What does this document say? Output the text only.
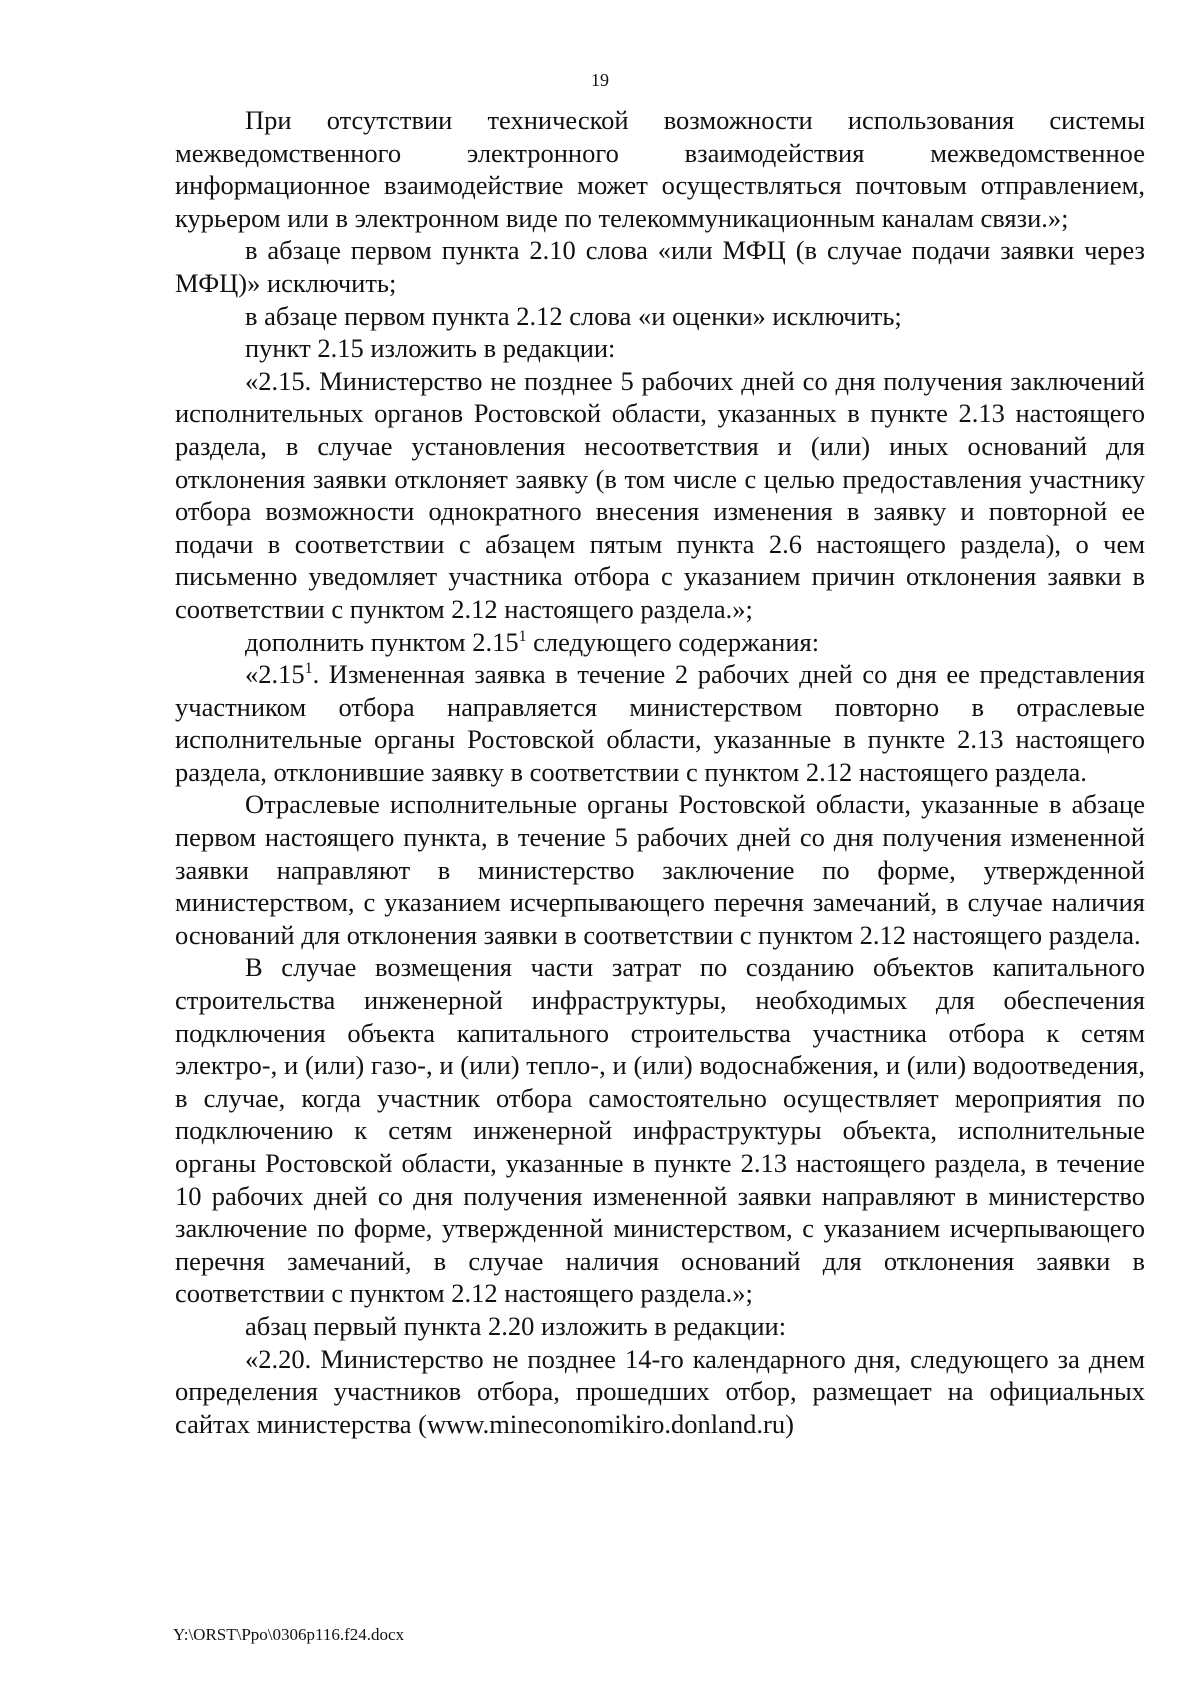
19

При отсутствии технической возможности использования системы межведомственного электронного взаимодействия межведомственное информационное взаимодействие может осуществляться почтовым отправлением, курьером или в электронном виде по телекоммуникационным каналам связи.»;

в абзаце первом пункта 2.10 слова «или МФЦ (в случае подачи заявки через МФЦ)» исключить;

в абзаце первом пункта 2.12 слова «и оценки» исключить;

пункт 2.15 изложить в редакции:

«2.15. Министерство не позднее 5 рабочих дней со дня получения заключений исполнительных органов Ростовской области, указанных в пункте 2.13 настоящего раздела, в случае установления несоответствия и (или) иных оснований для отклонения заявки отклоняет заявку (в том числе с целью предоставления участнику отбора возможности однократного внесения изменения в заявку и повторной ее подачи в соответствии с абзацем пятым пункта 2.6 настоящего раздела), о чем письменно уведомляет участника отбора с указанием причин отклонения заявки в соответствии с пунктом 2.12 настоящего раздела.»;

дополнить пунктом 2.15$^1$ следующего содержания:

«2.15$^1$. Измененная заявка в течение 2 рабочих дней со дня ее представления участником отбора направляется министерством повторно в отраслевые исполнительные органы Ростовской области, указанные в пункте 2.13 настоящего раздела, отклонившие заявку в соответствии с пунктом 2.12 настоящего раздела.

Отраслевые исполнительные органы Ростовской области, указанные в абзаце первом настоящего пункта, в течение 5 рабочих дней со дня получения измененной заявки направляют в министерство заключение по форме, утвержденной министерством, с указанием исчерпывающего перечня замечаний, в случае наличия оснований для отклонения заявки в соответствии с пунктом 2.12 настоящего раздела.

В случае возмещения части затрат по созданию объектов капитального строительства инженерной инфраструктуры, необходимых для обеспечения подключения объекта капитального строительства участника отбора к сетям электро-, и (или) газо-, и (или) тепло-, и (или) водоснабжения, и (или) водоотведения, в случае, когда участник отбора самостоятельно осуществляет мероприятия по подключению к сетям инженерной инфраструктуры объекта, исполнительные органы Ростовской области, указанные в пункте 2.13 настоящего раздела, в течение 10 рабочих дней со дня получения измененной заявки направляют в министерство заключение по форме, утвержденной министерством, с указанием исчерпывающего перечня замечаний, в случае наличия оснований для отклонения заявки в соответствии с пунктом 2.12 настоящего раздела.»;

абзац первый пункта 2.20 изложить в редакции:

«2.20. Министерство не позднее 14-го календарного дня, следующего за днем определения участников отбора, прошедших отбор, размещает на официальных сайтах министерства (www.mineconomikiro.donland.ru)

Y:\ORST\Ppo\0306p116.f24.docx
